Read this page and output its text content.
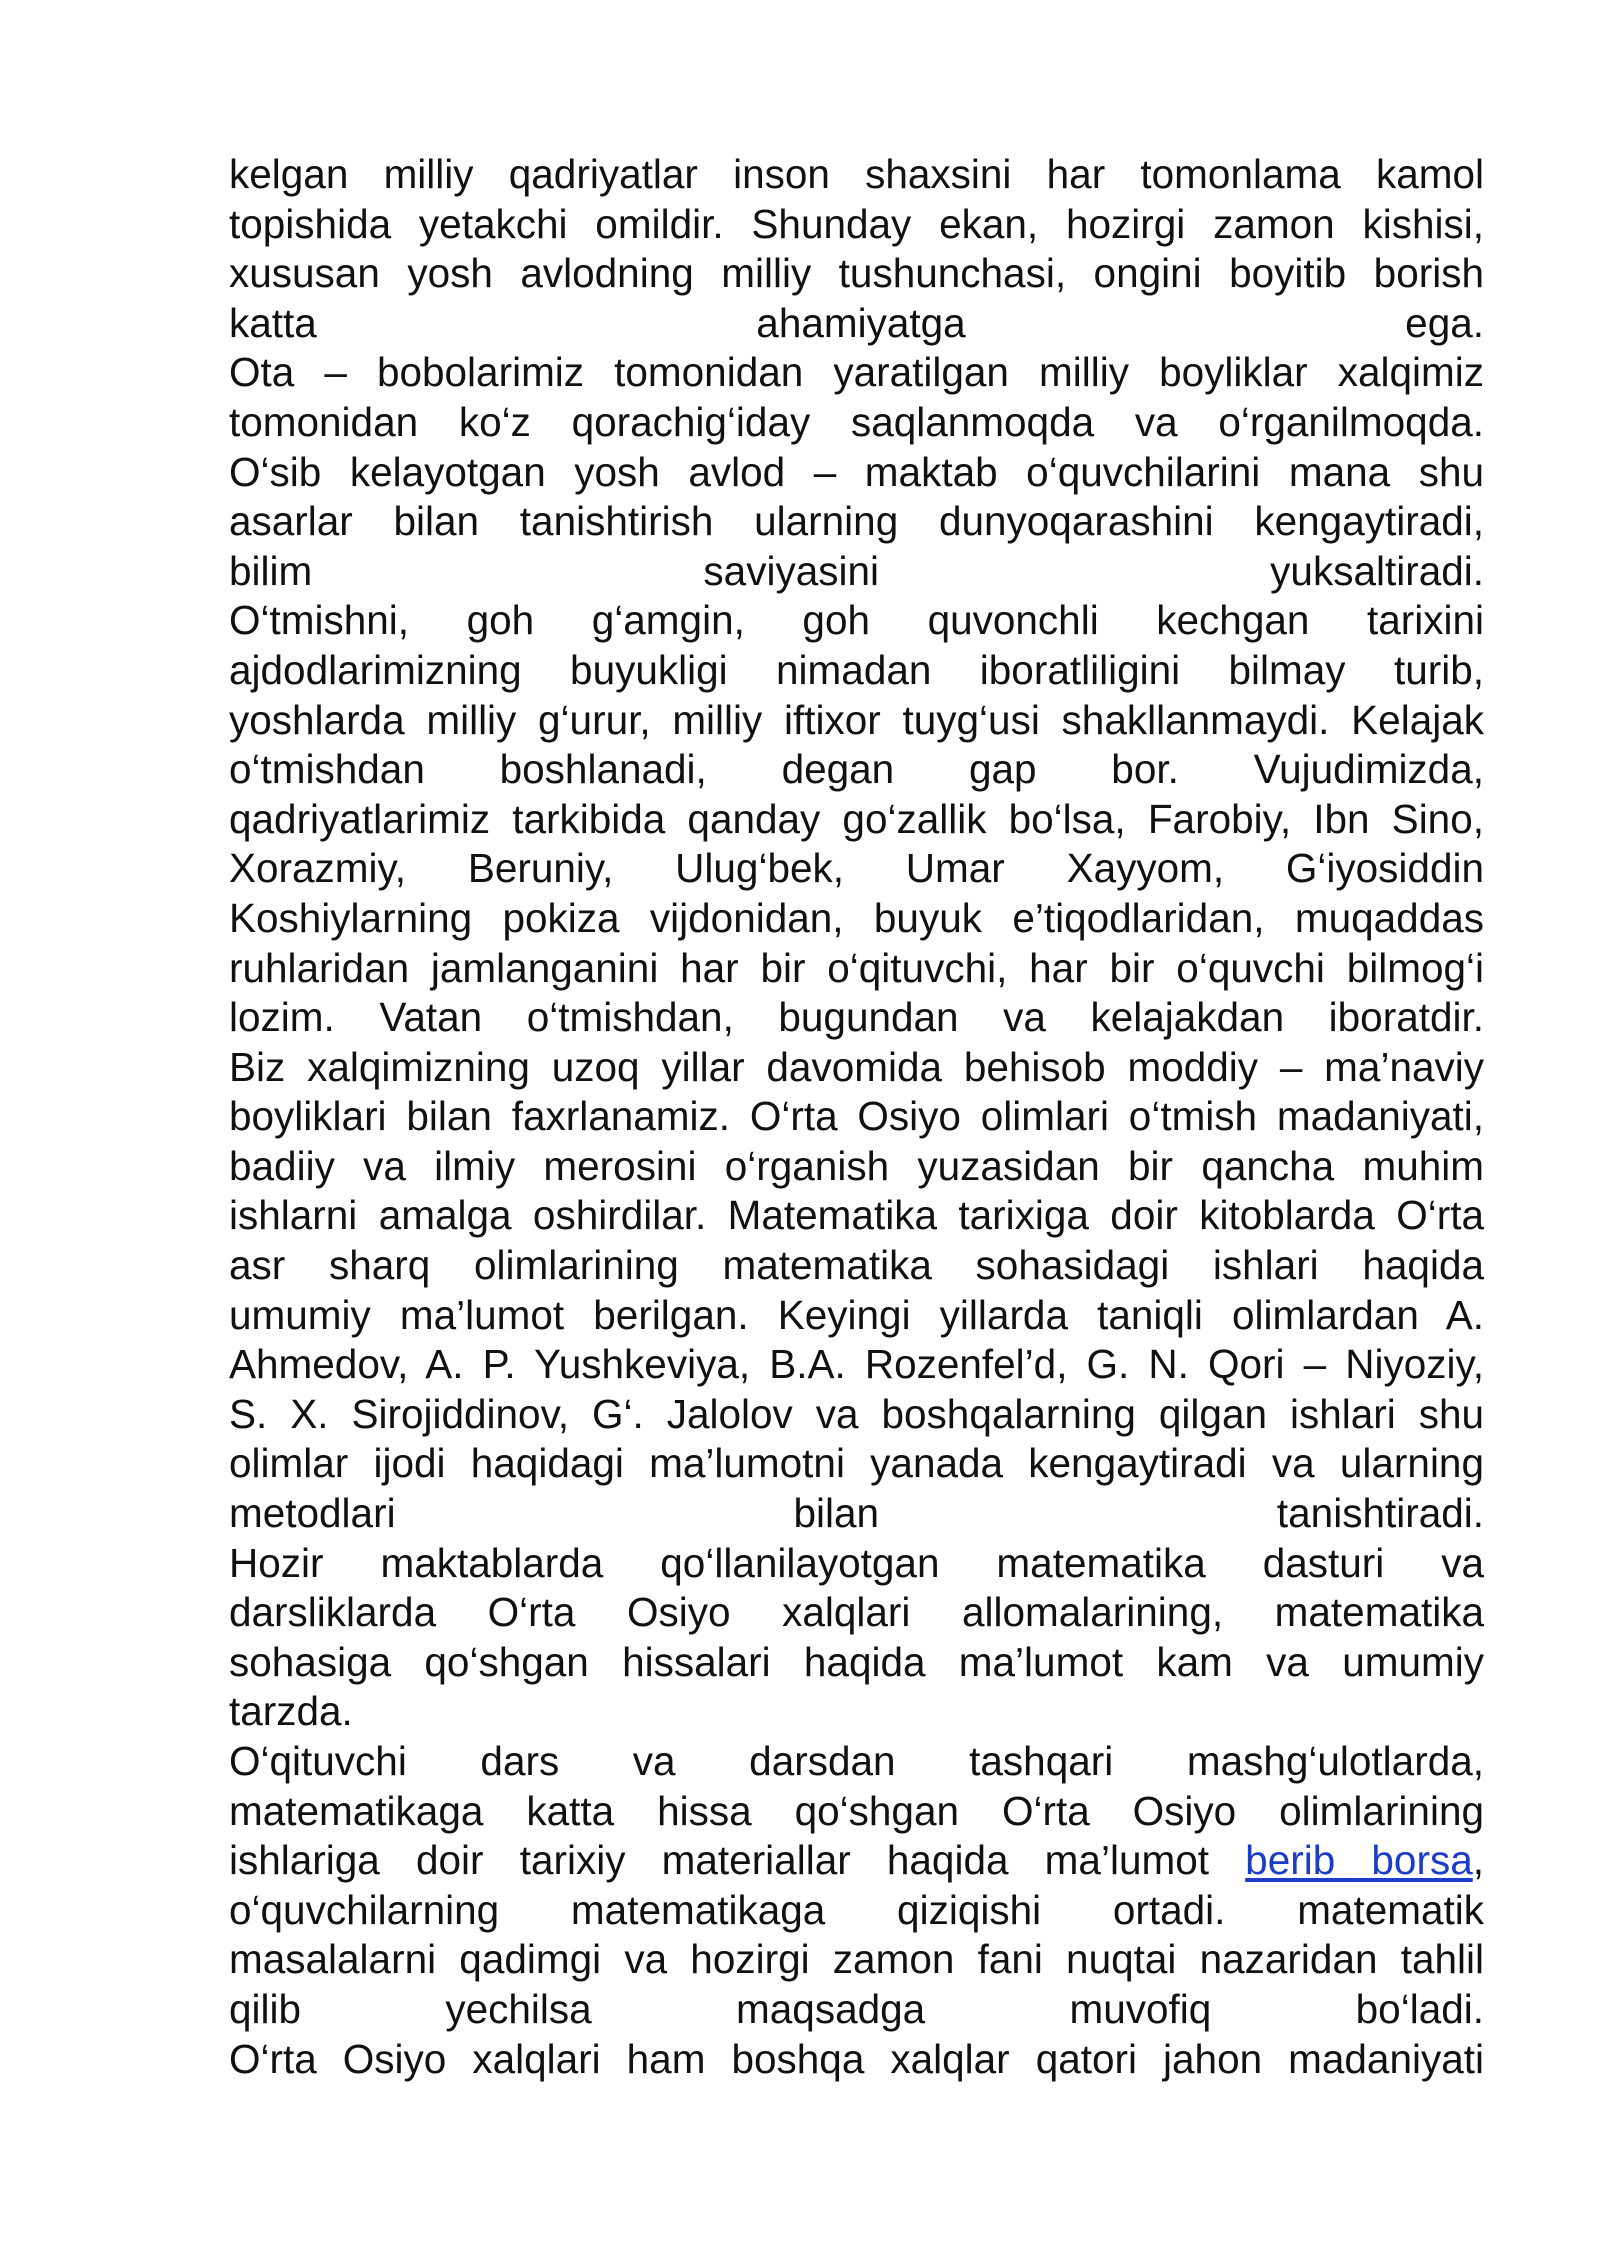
kelgan milliy qadriyatlar inson shaxsini har tomonlama kamol
topishida yetakchi omildir. Shunday ekan, hozirgi zamon kishisi,
xususan yosh avlodning milliy tushunchasi, ongini boyitib borish
katta ahamiyatga ega.
Ota – bobolarimiz tomonidan yaratilgan milliy boyliklar xalqimiz
tomonidan ko‘z qorachig‘iday saqlanmoqda va o‘rganilmoqda.
O‘sib kelayotgan yosh avlod – maktab o‘quvchilarini mana shu
asarlar bilan tanishtirish ularning dunyoqarashini kengaytiradi,
bilim saviyasini yuksaltiradi.
O‘tmishni, goh g‘amgin, goh quvonchli kechgan tarixini
ajdodlarimizning buyukligi nimadan iboratliligini bilmay turib,
yoshlarda milliy g‘urur, milliy iftixor tuyg‘usi shakllanmaydi. Kelajak
o‘tmishdan boshlanadi, degan gap bor. Vujudimizda,
qadriyatlarimiz tarkibida qanday go‘zallik bo‘lsa, Farobiy, Ibn Sino,
Xorazmiy, Beruniy, Ulug‘bek, Umar Xayyom, G‘iyosiddin
Koshiylarning pokiza vijdonidan, buyuk e’tiqodlaridan, muqaddas
ruhlaridan jamlanganini har bir o‘qituvchi, har bir o‘quvchi bilmog‘i
lozim. Vatan o‘tmishdan, bugundan va kelajakdan iboratdir.
Biz xalqimizning uzoq yillar davomida behisob moddiy – ma’naviy
boyliklari bilan faxrlanamiz. O‘rta Osiyo olimlari o‘tmish madaniyati,
badiiy va ilmiy merosini o‘rganish yuzasidan bir qancha muhim
ishlarni amalga oshirdilar. Matematika tarixiga doir kitoblarda O‘rta
asr sharq olimlarining matematika sohasidagi ishlari haqida
umumiy ma’lumot berilgan. Keyingi yillarda taniqli olimlardan A.
Ahmedov, A. P. Yushkeviya, B.A. Rozenfel’d, G. N. Qori – Niyoziy,
S. X. Sirojiddinov, G‘. Jalolov va boshqalarning qilgan ishlari shu
olimlar ijodi haqidagi ma’lumotni yanada kengaytiradi va ularning
metodlari bilan tanishtiradi.
Hozir maktablarda qo‘llanilayotgan matematika dasturi va
darsliklarda O‘rta Osiyo xalqlari allomalarining, matematika
sohasiga qo‘shgan hissalari haqida ma’lumot kam va umumiy
tarzda.
O‘qituvchi dars va darsdan tashqari mashg‘ulotlarda,
matematikaga katta hissa qo‘shgan O‘rta Osiyo olimlarining
ishlariga doir tarixiy materiallar haqida ma’lumot berib borsa,
o‘quvchilarning matematikaga qiziqishi ortadi. matematik
masalalarni qadimgi va hozirgi zamon fani nuqtai nazaridan tahlil
qilib yechilsa maqsadga muvofiq bo‘ladi.
O‘rta Osiyo xalqlari ham boshqa xalqlar qatori jahon madaniyati
